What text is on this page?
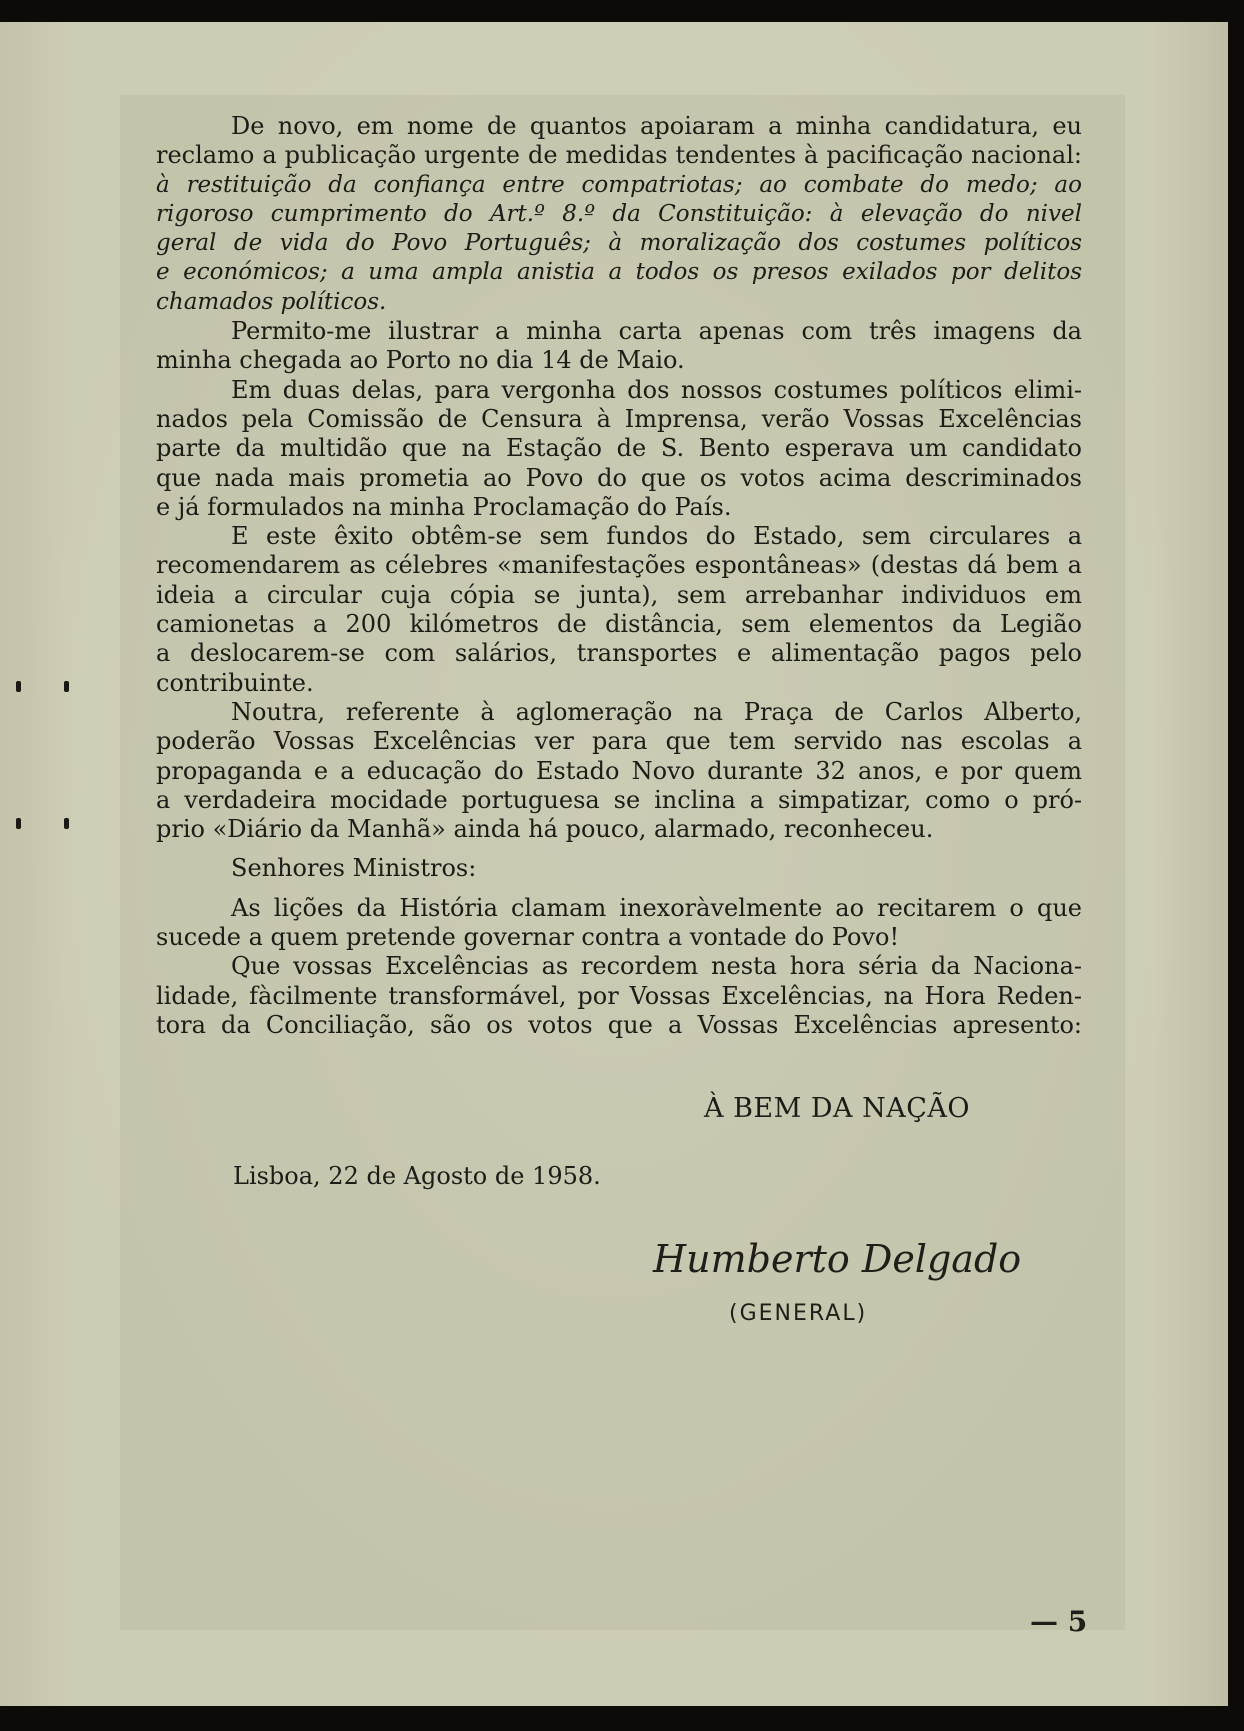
De novo, em nome de quantos apoiaram a minha candidatura, eu
reclamo a publicação urgente de medidas tendentes à pacificação nacional:
à restituição da confiança entre compatriotas; ao combate do medo; ao
rigoroso cumprimento do Art.º 8.º da Constituição: à elevação do nivel
geral de vida do Povo Português; à moralização dos costumes políticos
e económicos; a uma ampla anistia a todos os presos exilados por delitos
chamados políticos.
Permito-me ilustrar a minha carta apenas com três imagens da
minha chegada ao Porto no dia 14 de Maio.
Em duas delas, para vergonha dos nossos costumes políticos elimi-
nados pela Comissão de Censura à Imprensa, verão Vossas Excelências
parte da multidão que na Estação de S. Bento esperava um candidato
que nada mais prometia ao Povo do que os votos acima descriminados
e já formulados na minha Proclamação do País.
E este êxito obtêm-se sem fundos do Estado, sem circulares a
recomendarem as célebres «manifestações espontâneas» (destas dá bem a
ideia a circular cuja cópia se junta), sem arrebanhar individuos em
camionetas a 200 kilómetros de distância, sem elementos da Legião
a deslocarem-se com salários, transportes e alimentação pagos pelo
contribuinte.
Noutra, referente à aglomeração na Praça de Carlos Alberto,
poderão Vossas Excelências ver para que tem servido nas escolas a
propaganda e a educação do Estado Novo durante 32 anos, e por quem
a verdadeira mocidade portuguesa se inclina a simpatizar, como o pró-
prio «Diário da Manhã» ainda há pouco, alarmado, reconheceu.
Senhores Ministros:
As lições da História clamam inexoràvelmente ao recitarem o que
sucede a quem pretende governar contra a vontade do Povo!
Que vossas Excelências as recordem nesta hora séria da Naciona-
lidade, fàcilmente transformável, por Vossas Excelências, na Hora Reden-
tora da Conciliação, são os votos que a Vossas Excelências apresento:
À BEM DA NAÇÃO
Lisboa, 22 de Agosto de 1958.
Humberto Delgado
(GENERAL)
— 5
